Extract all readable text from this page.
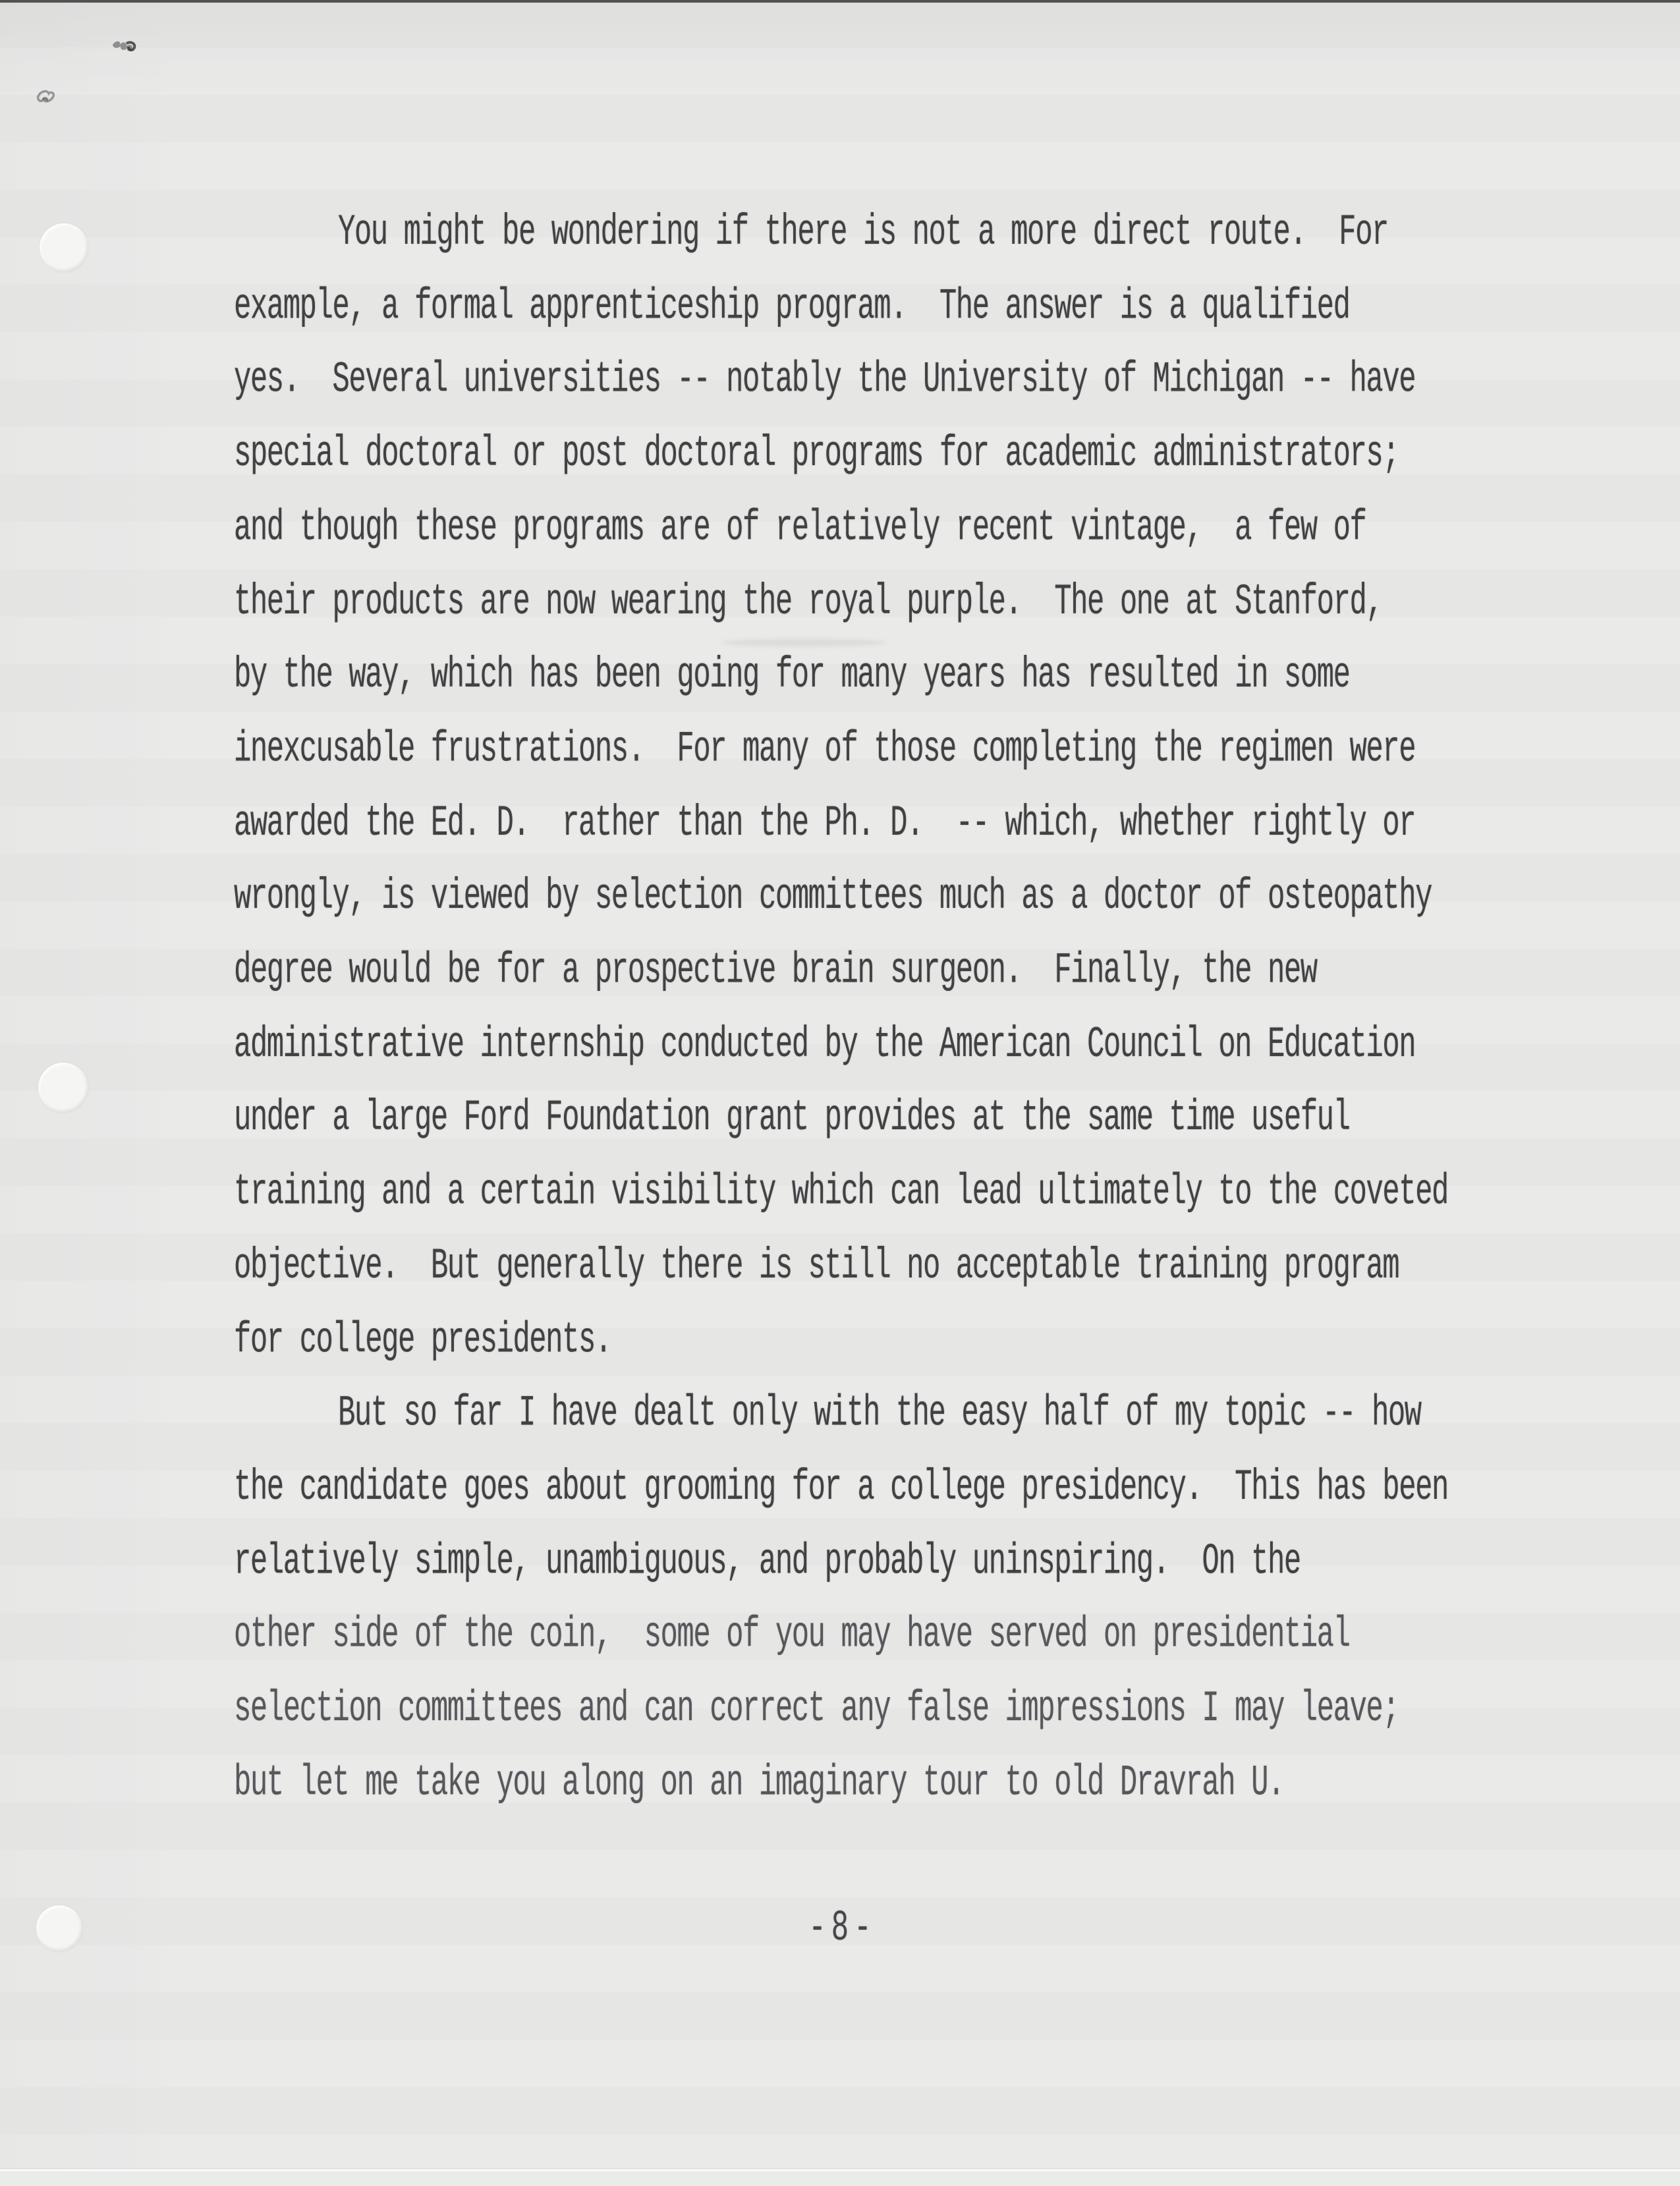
You might be wondering if there is not a more direct route.  For
example, a formal apprenticeship program.  The answer is a qualified
yes.  Several universities -- notably the University of Michigan -- have
special doctoral or post doctoral programs for academic administrators;
and though these programs are of relatively recent vintage,  a few of
their products are now wearing the royal purple.  The one at Stanford,
by the way, which has been going for many years has resulted in some
inexcusable frustrations.  For many of those completing the regimen were
awarded the Ed. D.  rather than the Ph. D.  -- which, whether rightly or
wrongly, is viewed by selection committees much as a doctor of osteopathy
degree would be for a prospective brain surgeon.  Finally, the new
administrative internship conducted by the American Council on Education
under a large Ford Foundation grant provides at the same time useful
training and a certain visibility which can lead ultimately to the coveted
objective.  But generally there is still no acceptable training program
for college presidents.
But so far I have dealt only with the easy half of my topic -- how
the candidate goes about grooming for a college presidency.  This has been
relatively simple, unambiguous, and probably uninspiring.  On the
other side of the coin,  some of you may have served on presidential
selection committees and can correct any false impressions I may leave;
but let me take you along on an imaginary tour to old Dravrah U.
-8-
